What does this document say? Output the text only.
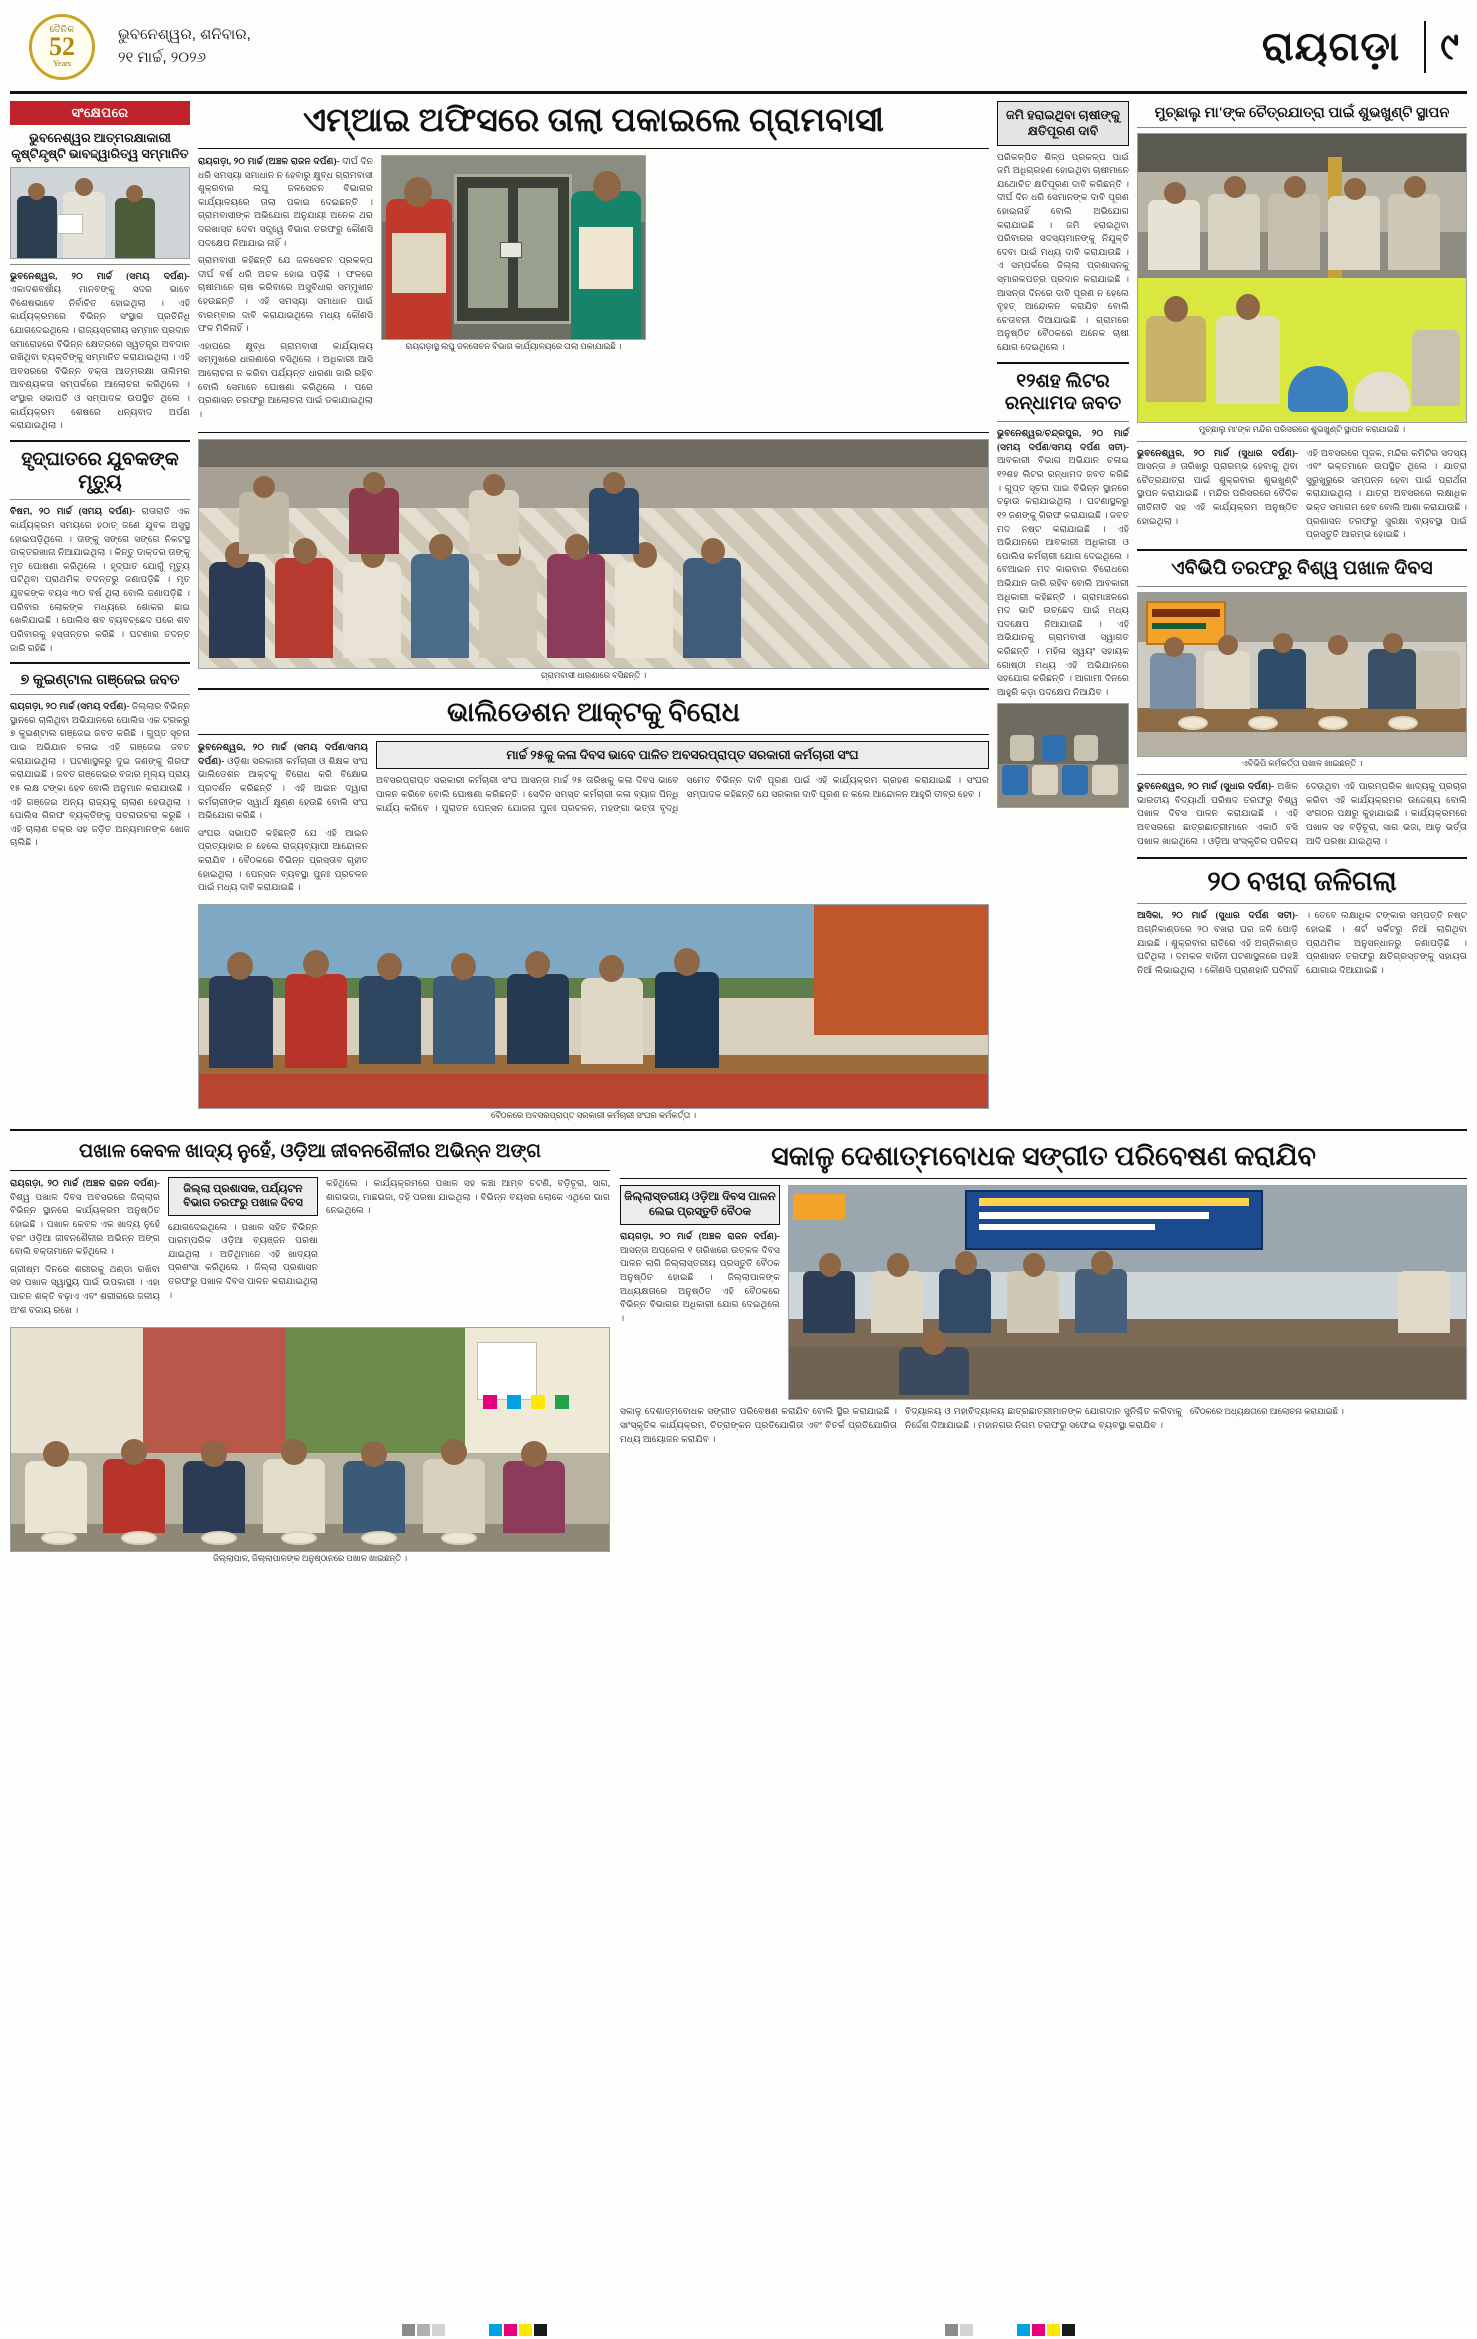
ଦୈନିକ
52
Years
ଭୁବନେଶ୍ୱର, ଶନିବାର,
୨୧ ମାର୍ଚ୍ଚ, ୨୦୨୬	ରାୟଗଡ଼ା ୯
ସଂକ୍ଷେପରେ
ଭୁବନେଶ୍ୱର ଆତ୍ମରକ୍ଷାକାରୀ କୃଷ୍ଟିନ୍ଦୃଷ୍ଟି ଭାବଦ୍ଦ୍ୱାରିତ୍ୱ ସମ୍ମାନିତ

ଭୁବନେଶ୍ୱର, ୨୦ ମାର୍ଚ୍ଚ (ସମୟ ଦର୍ପଣ)- ଏକାଦଶବର୍ଷୀୟ ମାନବଙ୍କୁ ସଦର ଭାବେ ବିଶେଷଭାବେ ନିର୍ବାଚିତ ହୋଇଥିଲା । ଏହି କାର୍ଯ୍ୟକ୍ରମରେ ବିଭିନ୍ନ ସଂସ୍ଥାର ପ୍ରତିନିଧି ଯୋଗଦେଇଥିଲେ । ରାଜ୍ୟସ୍ତରୀୟ ସମ୍ମାନ ପ୍ରଦାନ ସମାରୋହରେ ବିଭିନ୍ନ କ୍ଷେତ୍ରରେ ସ୍ୱତନ୍ତ୍ର ଅବଦାନ ରଖିଥିବା ବ୍ୟକ୍ତିଙ୍କୁ ସମ୍ମାନିତ କରାଯାଇଥିଲା । ଏହି ଅବସରରେ ବିଭିନ୍ନ ବକ୍ତା ଆତ୍ମରକ୍ଷା ତାଲିମର ଆବଶ୍ୟକତା ସମ୍ପର୍କରେ ଆଲୋଚନା କରିଥିଲେ । ସଂସ୍ଥାର ସଭାପତି ଓ ସମ୍ପାଦକ ଉପସ୍ଥିତ ଥିଲେ । କାର୍ଯ୍ୟକ୍ରମ ଶେଷରେ ଧନ୍ୟବାଦ ଅର୍ପଣ କରାଯାଇଥିଲା ।

ହୃଦ୍‌ଘାତରେ ଯୁବକଙ୍କ ମୃତ୍ୟୁ

ବିଷମ, ୨୦ ମାର୍ଚ୍ଚ (ସମୟ ଦର୍ପଣ)- ରାତାରାତି ଏକ କାର୍ଯ୍ୟକ୍ରମ ସମୟରେ ହଠାତ୍‌ ଜଣେ ଯୁବକ ଅସୁସ୍ଥ ହୋଇପଡ଼ିଥିଲେ । ତାଙ୍କୁ ସଙ୍ଗେ ସଙ୍ଗେ ନିକଟସ୍ଥ ଡାକ୍ତରଖାନା ନିଆଯାଇଥିଲା । କିନ୍ତୁ ଡାକ୍ତର ତାଙ୍କୁ ମୃତ ଘୋଷଣା କରିଥିଲେ । ହୃଦ୍‌ଘାତ ଯୋଗୁଁ ମୃତ୍ୟୁ ଘଟିଥିବା ପ୍ରାଥମିକ ତଦନ୍ତରୁ ଜଣାପଡ଼ିଛି । ମୃତ ଯୁବକଙ୍କ ବୟସ ୩୦ ବର୍ଷ ଥିଲା ବୋଲି ଜଣାପଡ଼ିଛି । ପରିବାର ଲୋକଙ୍କ ମଧ୍ୟରେ ଶୋକର ଛାଇ ଖେଳିଯାଇଛି । ପୋଲିସ ଶବ ବ୍ୟବଚ୍ଛେଦ ପରେ ଶବ ପରିବାରକୁ ହସ୍ତାନ୍ତର କରିଛି । ଘଟଣାର ତଦନ୍ତ ଜାରି ରହିଛି ।

୭ କୁଇଣ୍ଟାଲ ଗଞ୍ଜେଇ ଜବତ

ରାୟଗଡ଼ା, ୨୦ ମାର୍ଚ୍ଚ (ସମୟ ଦର୍ପଣ)- ଜିଲ୍ଲାର ବିଭିନ୍ନ ସ୍ଥାନରେ ଚାଲିଥିବା ଅଭିଯାନରେ ପୋଲିସ ଏକ ଟ୍ରକରୁ ୭ କୁଇଣ୍ଟାଲ ଗଞ୍ଜେଇ ଜବତ କରିଛି । ଗୁପ୍ତ ସୂଚନା ପାଇ ଅଭିଯାନ ଚଳାଇ ଏହି ଗଞ୍ଜେଇ ଜବତ କରାଯାଇଥିଲା । ଘଟଣାସ୍ଥଳରୁ ଦୁଇ ଜଣଙ୍କୁ ଗିରଫ କରାଯାଇଛି । ଜବତ ଗଞ୍ଜେଇର ବଜାର ମୂଲ୍ୟ ପ୍ରାୟ ୧୫ ଲକ୍ଷ ଟଙ୍କା ହେବ ବୋଲି ଅନୁମାନ କରାଯାଉଛି । ଏହି ଗଞ୍ଜେଇ ଅନ୍ୟ ରାଜ୍ୟକୁ ଚାଲାଣ ହେଉଥିଲା । ପୋଲିସ ଗିରଫ ବ୍ୟକ୍ତିଙ୍କୁ ପଚରାଉଚରା କରୁଛି । ଏହି ଚାଲାଣ ଚକ୍ର ସହ ଜଡ଼ିତ ଅନ୍ୟମାନଙ୍କ ଖୋଜ ଚାଲିଛି ।

ଏମ୍‌ଆଇ ଅଫିସରେ ତାଲା ପକାଇଲେ ଗ୍ରାମବାସୀ

ରାୟଗଡ଼ା, ୨୦ ମାର୍ଚ୍ଚ (ଅଞ୍ଚଳ ରାଜନ ଦର୍ପଣ)- ଦୀର୍ଘ ଦିନ ଧରି ସମସ୍ୟା ସମାଧାନ ନ ହେବାରୁ କ୍ଷୁବ୍ଧ ଗ୍ରାମବାସୀ ଶୁକ୍ରବାର ଲଘୁ ଜଳସେଚନ ବିଭାଗର କାର୍ଯ୍ୟାଳୟରେ ତାଲା ପକାଇ ଦେଇଛନ୍ତି । ଗ୍ରାମବାସୀଙ୍କ ଅଭିଯୋଗ ଅନୁଯାୟୀ ଅନେକ ଥର ଦରଖାସ୍ତ ଦେବା ସତ୍ତ୍ୱେ ବିଭାଗ ତରଫରୁ କୌଣସି ପଦକ୍ଷେପ ନିଆଯାଇ ନାହିଁ ।

ଗ୍ରାମବାସୀ କହିଛନ୍ତି ଯେ ଜଳସେଚନ ପ୍ରକଳ୍ପ ଦୀର୍ଘ ବର୍ଷ ଧରି ଅଚଳ ହୋଇ ପଡ଼ିଛି । ଫଳରେ ଚାଷୀମାନେ ଚାଷ କରିବାରେ ଅସୁବିଧାର ସମ୍ମୁଖୀନ ହେଉଛନ୍ତି । ଏହି ସମସ୍ୟା ସମାଧାନ ପାଇଁ ବାରମ୍ବାର ଦାବି କରାଯାଇଥିଲେ ମଧ୍ୟ କୌଣସି ଫଳ ମିଳିନାହିଁ ।

ଏହାପରେ କ୍ଷୁବ୍ଧ ଗ୍ରାମବାସୀ କାର୍ଯ୍ୟାଳୟ ସମ୍ମୁଖରେ ଧାରଣାରେ ବସିଥିଲେ । ଅଧିକାରୀ ଆସି ଆଲୋଚନା ନ କରିବା ପର୍ଯ୍ୟନ୍ତ ଧାରଣା ଜାରି ରହିବ ବୋଲି ସେମାନେ ଘୋଷଣା କରିଥିଲେ । ପରେ ପ୍ରଶାସନ ତରଫରୁ ଆଲୋଚନା ପାଇଁ ଡକାଯାଇଥିଲା ।

ରାୟଗଡ଼ାସ୍ଥ ଲଘୁ ଜଳସେଚନ ବିଭାଗ କାର୍ଯ୍ୟାଳୟରେ ତାଲା ପକାଯାଇଛି ।
ଗ୍ରାମବାସୀ ଧାରଣାରେ ବସିଛନ୍ତି ।
ଭାଲିଡେଶନ ଆକ୍ଟକୁ ବିରୋଧ

ଭୁବନେଶ୍ୱର, ୨୦ ମାର୍ଚ୍ଚ (ସମୟ ଦର୍ପଣ/ସମୟ ଦର୍ପଣ)- ଓଡ଼ିଶା ସରକାରୀ କର୍ମଚାରୀ ଓ ଶିକ୍ଷକ ସଂଘ ଭାଲିଡେଶନ ଆକ୍ଟକୁ ବିରୋଧ କରି ବିକ୍ଷୋଭ ପ୍ରଦର୍ଶନ କରିଛନ୍ତି । ଏହି ଆଇନ ଦ୍ୱାରା କର୍ମଚାରୀଙ୍କ ସ୍ୱାର୍ଥ କ୍ଷୁଣ୍ଣ ହେଉଛି ବୋଲି ସଂଘ ଅଭିଯୋଗ କରିଛି ।

ସଂଘର ସଭାପତି କହିଛନ୍ତି ଯେ ଏହି ଆଇନ ପ୍ରତ୍ୟାହାର ନ ହେଲେ ରାଜ୍ୟବ୍ୟାପୀ ଆନ୍ଦୋଳନ କରାଯିବ । ବୈଠକରେ ବିଭିନ୍ନ ପ୍ରସ୍ତାବ ଗୃହୀତ ହୋଇଥିଲା । ପେନ୍‌ସନ ବ୍ୟବସ୍ଥା ପୁନଃ ପ୍ରଚଳନ ପାଇଁ ମଧ୍ୟ ଦାବି କରାଯାଇଛି ।

ମାର୍ଚ୍ଚ ୨୫କୁ କଳା ଦିବସ ଭାବେ ପାଳିତ ଅବସରପ୍ରାପ୍ତ ସରକାରୀ କର୍ମଚାରୀ ସଂଘ

ଅବସରପ୍ରାପ୍ତ ସରକାରୀ କର୍ମଚାରୀ ସଂଘ ଆସନ୍ତା ମାର୍ଚ୍ଚ ୨୫ ତାରିଖକୁ କଳା ଦିବସ ଭାବେ ପାଳନ କରିବେ ବୋଲି ଘୋଷଣା କରିଛନ୍ତି । ସେଦିନ ସମସ୍ତ କର୍ମଚାରୀ କଳା ବ୍ୟାଜ ପିନ୍ଧି କାର୍ଯ୍ୟ କରିବେ । ପୁରାତନ ପେନ୍‌ସନ ଯୋଜନା ପୁନଃ ପ୍ରଚଳନ, ମହଙ୍ଗା ଭତ୍ତା ବୃଦ୍ଧି ସମେତ ବିଭିନ୍ନ ଦାବି ପୂରଣ ପାଇଁ ଏହି କାର୍ଯ୍ୟକ୍ରମ ଗ୍ରହଣ କରାଯାଇଛି । ସଂଘର ସମ୍ପାଦକ କହିଛନ୍ତି ଯେ ସରକାର ଦାବି ପୂରଣ ନ କଲେ ଆନ୍ଦୋଳନ ଆହୁରି ତୀବ୍ର ହେବ ।

ବୈଠକରେ ଅବସରପ୍ରାପ୍ତ ସରକାରୀ କର୍ମଚାରୀ ସଂଘର କର୍ମକର୍ତ୍ତା ।
ଜମି ହରାଇଥିବା ଚାଷୀଙ୍କୁ କ୍ଷତିପୂରଣ ଦାବି

ପରିକଳ୍ପିତ ଶିଳ୍ପ ପ୍ରକଳ୍ପ ପାଇଁ ଜମି ଅଧିଗ୍ରହଣ ହୋଇଥିବା ଚାଷୀମାନେ ଯଥୋଚିତ କ୍ଷତିପୂରଣ ଦାବି କରିଛନ୍ତି । ଦୀର୍ଘ ଦିନ ଧରି ସେମାନଙ୍କ ଦାବି ପୂରଣ ହୋଇନାହିଁ ବୋଲି ଅଭିଯୋଗ କରାଯାଇଛି । ଜମି ହରାଇଥିବା ପରିବାରର ସଦସ୍ୟମାନଙ୍କୁ ନିଯୁକ୍ତି ଦେବା ପାଇଁ ମଧ୍ୟ ଦାବି କରାଯାଉଛି । ଏ ସମ୍ପର୍କରେ ଜିଲ୍ଲା ପ୍ରଶାସନକୁ ସ୍ମାରକପତ୍ର ପ୍ରଦାନ କରାଯାଇଛି । ଆସନ୍ତା ଦିନରେ ଦାବି ପୂରଣ ନ ହେଲେ ବୃହତ୍‌ ଆନ୍ଦୋଳନ କରାଯିବ ବୋଲି ଚେତାବନୀ ଦିଆଯାଇଛି । ଗ୍ରାମରେ ଅନୁଷ୍ଠିତ ବୈଠକରେ ଅନେକ ଚାଷୀ ଯୋଗ ଦେଇଥିଲେ ।

୧୨ଶହ ଲିଟର ରନ୍ଧାମଦ ଜବତ

ଭୁବନେଶ୍ୱର/ଚନ୍ଦ୍ରପୁର, ୨୦ ମାର୍ଚ୍ଚ (ସମୟ ଦର୍ପଣ/ସମୟ ଦର୍ପଣ ସତୀ)- ଆବକାରୀ ବିଭାଗ ଅଭିଯାନ ଚଳାଇ ୧୨ଶହ ଲିଟର ରନ୍ଧାମଦ ଜବତ କରିଛି । ଗୁପ୍ତ ସୂଚନା ପାଇ ବିଭିନ୍ନ ସ୍ଥାନରେ ଚଢ଼ାଉ କରାଯାଇଥିଲା । ଘଟଣାସ୍ଥଳରୁ ୧୨ ଜଣଙ୍କୁ ଗିରଫ କରାଯାଇଛି । ଜବତ ମଦ ନଷ୍ଟ କରାଯାଇଛି । ଏହି ଅଭିଯାନରେ ଆବକାରୀ ଅଧିକାରୀ ଓ ପୋଲିସ କର୍ମଚାରୀ ଯୋଗ ଦେଇଥିଲେ । ବେଆଇନ ମଦ କାରବାର ବିରୋଧରେ ଅଭିଯାନ ଜାରି ରହିବ ବୋଲି ଆବକାରୀ ଅଧିକାରୀ କହିଛନ୍ତି । ଗ୍ରାମାଞ୍ଚଳରେ ମଦ ଭାଟି ଉଚ୍ଛେଦ ପାଇଁ ମଧ୍ୟ ପଦକ୍ଷେପ ନିଆଯାଉଛି । ଏହି ଅଭିଯାନକୁ ଗ୍ରାମବାସୀ ସ୍ୱାଗତ କରିଛନ୍ତି । ମହିଳା ସ୍ୱୟଂ ସହାୟକ ଗୋଷ୍ଠୀ ମଧ୍ୟ ଏହି ଅଭିଯାନରେ ସହଯୋଗ କରିଛନ୍ତି । ଆଗାମୀ ଦିନରେ ଆହୁରି କଡ଼ା ପଦକ୍ଷେପ ନିଆଯିବ ।

ମୁଚ୍ଛାଲୁ ମା'ଙ୍କ ଚୈତ୍ରଯାତ୍ରା ପାଇଁ ଶୁଭଖୁଣ୍ଟି ସ୍ଥାପନ
ମୁଚ୍ଛାଲୁ ମା'ଙ୍କ ମନ୍ଦିର ପରିସରରେ ଶୁଭଖୁଣ୍ଟି ସ୍ଥାପନ କରାଯାଇଛି ।

ଭୁବନେଶ୍ୱର, ୨୦ ମାର୍ଚ୍ଚ (ସୁଧାର ଦର୍ପଣ)- ଆସନ୍ତା ୬ ତାରିଖରୁ ପ୍ରାରମ୍ଭ ହେବାକୁ ଥିବା ଚୈତ୍ରଯାତ୍ରା ପାଇଁ ଶୁକ୍ରବାର ଶୁଭଖୁଣ୍ଟି ସ୍ଥାପନ କରାଯାଇଛି । ମନ୍ଦିର ପରିସରରେ ବୈଦିକ ରୀତିନୀତି ସହ ଏହି କାର୍ଯ୍ୟକ୍ରମ ଅନୁଷ୍ଠିତ ହୋଇଥିଲା ।

ଏହି ଅବସରରେ ପୂଜକ, ମନ୍ଦିର କମିଟିର ସଦସ୍ୟ ଏବଂ ଭକ୍ତମାନେ ଉପସ୍ଥିତ ଥିଲେ । ଯାତ୍ରା ସୁରୁଖୁରୁରେ ସମ୍ପନ୍ନ ହେବା ପାଇଁ ପ୍ରାର୍ଥନା କରାଯାଇଥିଲା । ଯାତ୍ରା ଅବସରରେ ଲକ୍ଷାଧିକ ଭକ୍ତ ସମାଗମ ହେବ ବୋଲି ଆଶା କରାଯାଉଛି । ପ୍ରଶାସନ ତରଫରୁ ସୁରକ୍ଷା ବ୍ୟବସ୍ଥା ପାଇଁ ପ୍ରସ୍ତୁତି ଆରମ୍ଭ ହୋଇଛି ।

ଏବିଭିପି ତରଫରୁ ବିଶ୍ୱ ପଖାଳ ଦିବସ
ଏବିଭିପି କର୍ମକର୍ତ୍ତା ପଖାଳ ଖାଇଛନ୍ତି ।

ଭୁବନେଶ୍ୱର, ୨୦ ମାର୍ଚ୍ଚ (ସୁଧାର ଦର୍ପଣ)- ଅଖିଳ ଭାରତୀୟ ବିଦ୍ୟାର୍ଥୀ ପରିଷଦ ତରଫରୁ ବିଶ୍ୱ ପଖାଳ ଦିବସ ପାଳନ କରାଯାଇଛି । ଏହି ଅବସରରେ ଛାତ୍ରଛାତ୍ରୀମାନେ ଏକାଠି ବସି ପଖାଳ ଖାଇଥିଲେ । ଓଡ଼ିଆ ସଂସ୍କୃତିର ପରିଚୟ ଦେଉଥିବା ଏହି ପାରମ୍ପରିକ ଖାଦ୍ୟକୁ ପ୍ରଚାର କରିବା ଏହି କାର୍ଯ୍ୟକ୍ରମର ଉଦ୍ଦେଶ୍ୟ ବୋଲି ସଂଗଠନ ପକ୍ଷରୁ କୁହାଯାଇଛି । କାର୍ଯ୍ୟକ୍ରମରେ ପଖାଳ ସହ ବଡ଼ିଚୂରା, ସାଗ ଭଜା, ଆଳୁ ଭର୍ତ୍ତା ଆଦି ପରଷା ଯାଇଥିଲା ।

୨୦ ବଖରା ଜଳିଗଲା

ଆସିକା, ୨୦ ମାର୍ଚ୍ଚ (ସୁଧାର ଦର୍ପଣ ସତୀ)- ଅଗ୍ନିକାଣ୍ଡରେ ୨୦ ବଖରା ଘର ଜଳି ପୋଡ଼ି ଯାଇଛି । ଶୁକ୍ରବାର ରାତିରେ ଏହି ଅଗ୍ନିକାଣ୍ଡ ଘଟିଥିଲା । ଦମକଳ ବାହିନୀ ଘଟଣାସ୍ଥଳରେ ପହଞ୍ଚି ନିଆଁ ଲିଭାଇଥିଲା । କୌଣସି ପ୍ରାଣହାନି ଘଟିନାହିଁ । ତେବେ ଲକ୍ଷାଧିକ ଟଙ୍କାର ସମ୍ପତ୍ତି ନଷ୍ଟ ହୋଇଛି । ଶର୍ଟ ସର୍କିଟରୁ ନିଆଁ ଲାଗିଥିବା ପ୍ରାଥମିକ ଅନୁସନ୍ଧାନରୁ ଜଣାପଡ଼ିଛି । ପ୍ରଶାସନ ତରଫରୁ କ୍ଷତିଗ୍ରସ୍ତଙ୍କୁ ସହାୟତା ଯୋଗାଇ ଦିଆଯାଇଛି ।

ପଖାଳ କେବଳ ଖାଦ୍ୟ ନୁହେଁ, ଓଡ଼ିଆ ଜୀବନଶୈଳୀର ଅଭିନ୍ନ ଅଙ୍ଗ

ରାୟଗଡ଼ା, ୨୦ ମାର୍ଚ୍ଚ (ଅଞ୍ଚଳ ରାଜନ ଦର୍ପଣ)- ବିଶ୍ୱ ପଖାଳ ଦିବସ ଅବସରରେ ଜିଲ୍ଲାର ବିଭିନ୍ନ ସ୍ଥାନରେ କାର୍ଯ୍ୟକ୍ରମ ଅନୁଷ୍ଠିତ ହୋଇଛି । ପଖାଳ କେବଳ ଏକ ଖାଦ୍ୟ ନୁହେଁ ବରଂ ଓଡ଼ିଆ ଜୀବନଶୈଳୀର ଅଭିନ୍ନ ଅଙ୍ଗ ବୋଲି ବକ୍ତାମାନେ କହିଥିଲେ ।

ଗ୍ରୀଷ୍ମ ଦିନରେ ଶରୀରକୁ ଥଣ୍ଡା ରଖିବା ସହ ପଖାଳ ସ୍ୱାସ୍ଥ୍ୟ ପାଇଁ ଉପକାରୀ । ଏହା ପାଚନ ଶକ୍ତି ବଢ଼ାଏ ଏବଂ ଶରୀରରେ ଜଳୀୟ ଅଂଶ ବଜାୟ ରଖେ ।

ଜିଲ୍ଲା ପ୍ରଶାସକ, ପର୍ଯ୍ୟଟନ ବିଭାଗ ତରଫରୁ ପଖାଳ ଦିବସ

ଯୋଗଦେଇଥିଲେ । ପଖାଳ ସହିତ ବିଭିନ୍ନ ପାରମ୍ପରିକ ଓଡ଼ିଆ ବ୍ୟଞ୍ଜନ ପରଷା ଯାଇଥିଲା । ଅତିଥିମାନେ ଏହି ଖାଦ୍ୟର ପ୍ରଶଂସା କରିଥିଲେ । ଜିଲ୍ଲା ପ୍ରଶାସନ ତରଫରୁ ପଖାଳ ଦିବସ ପାଳନ କରାଯାଇଥିଲା ।

କହିଥିଲେ । କାର୍ଯ୍ୟକ୍ରମରେ ପଖାଳ ସହ କଞ୍ଚା ଆମ୍ବ ଚଟଣି, ବଡ଼ିଚୂରା, ସାଗ, ଶାଗଭଜା, ମାଛଭଜା, ଦହି ପରଷା ଯାଇଥିଲା । ବିଭିନ୍ନ ବୟସର ଲୋକେ ଏଥିରେ ଭାଗ ନେଇଥିଲେ ।

ଜିଲ୍ଲାପାଳ, ଜିଲ୍ଲାପାଳଙ୍କ ଅନୁଷ୍ଠାନରେ ପଖାଳ ଖାଇଛନ୍ତି ।
ସକାଳୁ ଦେଶାତ୍ମବୋଧକ ସଙ୍ଗୀତ ପରିବେଷଣ କରାଯିବ
ଜିଲ୍ଲାସ୍ତରୀୟ ଓଡ଼ିଆ ଦିବସ ପାଳନ ଲେଇ ପ୍ରସ୍ତୁତି ବୈଠକ

ରାୟଗଡ଼ା, ୨୦ ମାର୍ଚ୍ଚ (ଅଞ୍ଚଳ ରାଜନ ଦର୍ପଣ)- ଆସନ୍ତା ଅପ୍ରେଲ ୧ ତାରିଖରେ ଉତ୍କଳ ଦିବସ ପାଳନ ଲାଗି ଜିଲ୍ଲାସ୍ତରୀୟ ପ୍ରସ୍ତୁତି ବୈଠକ ଅନୁଷ୍ଠିତ ହୋଇଛି । ଜିଲ୍ଲାପାଳଙ୍କ ଅଧ୍ୟକ୍ଷତାରେ ଅନୁଷ୍ଠିତ ଏହି ବୈଠକରେ ବିଭିନ୍ନ ବିଭାଗର ଅଧିକାରୀ ଯୋଗ ଦେଇଥିଲେ ।

ସକାଳୁ ଦେଶାତ୍ମବୋଧକ ସଙ୍ଗୀତ ପରିବେଷଣ କରାଯିବ ବୋଲି ସ୍ଥିର କରାଯାଇଛି । ସାଂସ୍କୃତିକ କାର୍ଯ୍ୟକ୍ରମ, ଚିତ୍ରାଙ୍କନ ପ୍ରତିଯୋଗିତା ଏବଂ ବିତର୍କ ପ୍ରତିଯୋଗିତା ମଧ୍ୟ ଆୟୋଜନ କରାଯିବ ।

ବିଦ୍ୟାଳୟ ଓ ମହାବିଦ୍ୟାଳୟ ଛାତ୍ରଛାତ୍ରୀମାନଙ୍କ ଯୋଗଦାନ ସୁନିଶ୍ଚିତ କରିବାକୁ ନିର୍ଦ୍ଦେଶ ଦିଆଯାଇଛି । ମହାନଗର ନିଗମ ତରଫରୁ ସଫେଇ ବ୍ୟବସ୍ଥା କରାଯିବ ।

ବୈଠକରେ ଅଧ୍ୟକ୍ଷତାରେ ଆଲୋଚନା କରାଯାଇଛି ।
